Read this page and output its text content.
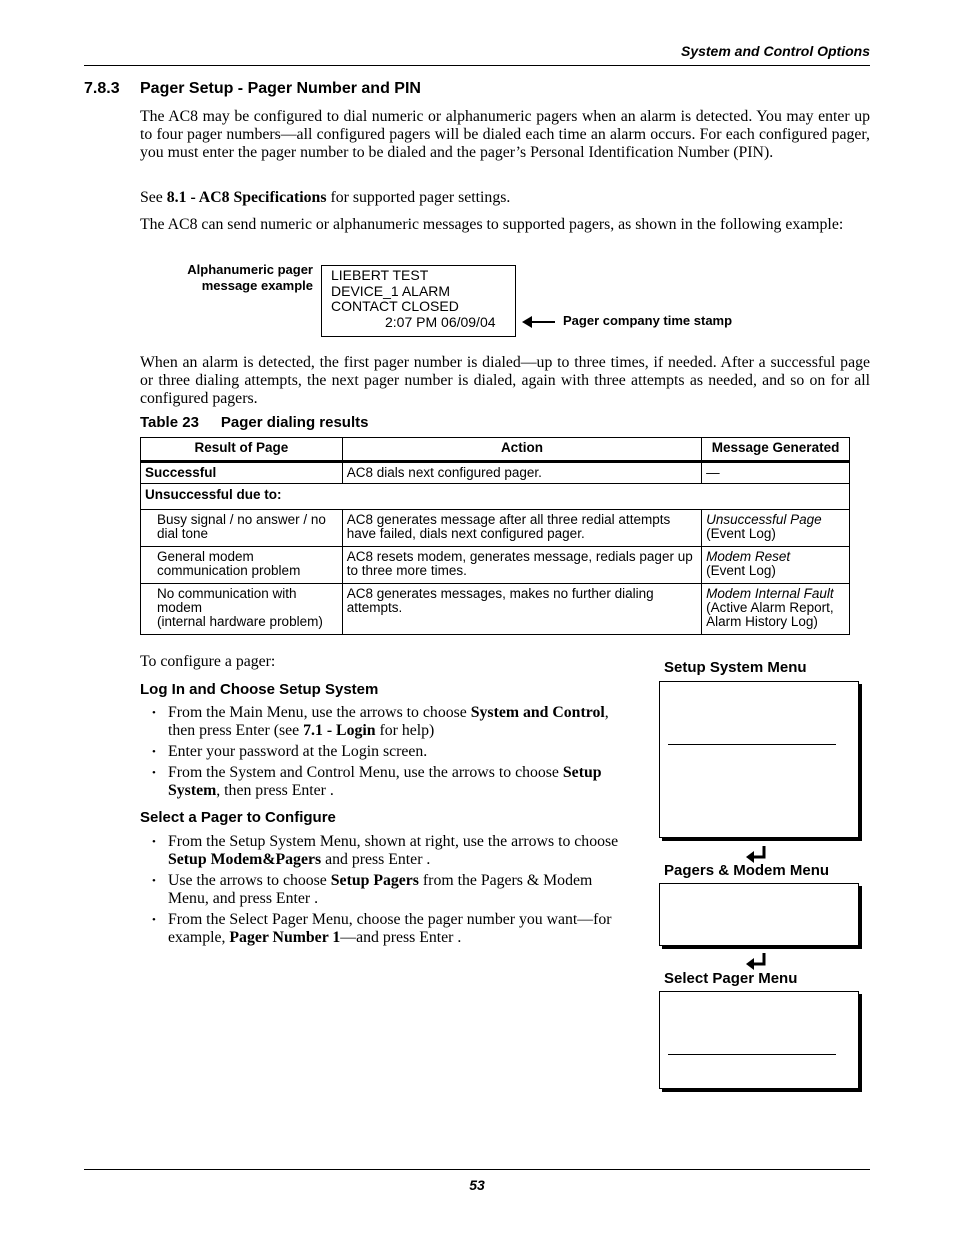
System and Control Options
7.8.3 Pager Setup - Pager Number and PIN
The AC8 may be configured to dial numeric or alphanumeric pagers when an alarm is detected. You may enter up to four pager numbers—all configured pagers will be dialed each time an alarm occurs. For each configured pager, you must enter the pager number to be dialed and the pager’s Personal Identification Number (PIN).
See 8.1 - AC8 Specifications for supported pager settings.
The AC8 can send numeric or alphanumeric messages to supported pagers, as shown in the following example:
Alphanumeric pager
message example
LIEBERT TEST
DEVICE_1 ALARM
CONTACT CLOSED
2:07 PM 06/09/04	Pager company time stamp
When an alarm is detected, the first pager number is dialed—up to three times, if needed. After a successful page or three dialing attempts, the next pager number is dialed, again with three attempts as needed, and so on for all configured pagers.
Table 23 Pager dialing results
Result of Page	Action	Message Generated
Successful	AC8 dials next configured pager.	—
Unsuccessful due to:		
Busy signal / no answer / no dial tone	AC8 generates message after all three redial attempts have failed, dials next configured pager.	Unsuccessful Page
(Event Log)
General modem communication problem	AC8 resets modem, generates message, redials pager up to three more times.	Modem Reset
(Event Log)
No communication with modem
(internal hardware problem)	AC8 generates messages, makes no further dialing attempts.	Modem Internal Fault
(Active Alarm Report, Alarm History Log)
To configure a pager:
Log In and Choose Setup System
• From the Main Menu, use the arrows to choose System and Control, then press Enter (see 7.1 - Login for help)
• Enter your password at the Login screen.
• From the System and Control Menu, use the arrows to choose Setup System, then press Enter .
Select a Pager to Configure
• From the Setup System Menu, shown at right, use the arrows to choose Setup Modem&Pagers and press Enter .
• Use the arrows to choose Setup Pagers from the Pagers & Modem Menu, and press Enter .
• From the Select Pager Menu, choose the pager number you want—for example, Pager Number 1—and press Enter .
Setup System Menu
Pagers & Modem Menu
Select Pager Menu
53
